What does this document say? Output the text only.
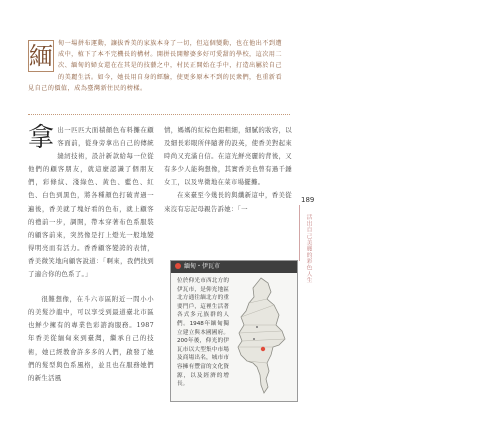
緬 甸一場拼布運動，讓拔香美的家族本身了一切，但這個變動，也在他出不到遭成中，植下了本不完機長的構材。開拼長開辦婆多好可愛甜的學校，這次用二次、緬甸的婦女還在在其是的技藝之中，村民正開始在手中，打造出屬於自己的美麗生活。如今，她長用自身的經驗，使更多原本不到的民衆們，也重新看見自己的價值，成為臺灣新住民的榜樣。

拿 出一匹匹大面積顏色布料攤在顧客面前，從身旁拿出自己的傳統縫紉技術，設計新款給每一位從他們的顧客朋友，就這麼認識了個朋友們，彩條紋、淺綠色、黃色、藍色、紅色、白色到黑色，將各種顏色打破青過一遍後，香美就了塊好看的色布，就上顧客的禮前一步，調開，帶本穿著布色系服裝的顧客前來，突然像是打上燈光一般地變得明亮而有活力。香香顧客變誇的表情，香美微笑地向顧客說道：「啊來，我們找到了適合你的色系了。」

很難想像，在斗六市區附近一間小小的美髮沙龍中，可以享受到最道臺北市區也鮮少擁有的專業色彩諮詢服務。1987 年香美從緬甸來到臺灣，繼承自己的技術，她已經教會許多多的人們，啟發了她們的髮型與色系風格，並且也在服務她們的新生活風

情，媽媽的紅棕色鋁粗細，細膩的妝容，以及細長彩眼所伴隨著的設英，使香美對起來時尚又充滿自信。在這光鮮亮麗的背後，又有多少人能夠想像，其實香美也曾有過千錘女工，以及卑微地在菜市場擺攤。

在來臺至今幾長的與纖新這中，香美從來沒有忘記母親告訴她：「一

緬甸・伊瓦市
位於仰光市西北方的伊瓦市，是仰光地區北方通往緬北方的重要門戶，這裡生活著各式多元族群的人們。1948年緬甸獨立建立與本國國府。200年後，仰光的伊瓦市以大型集中市場及商場出名，城市市容擁有豐富的文化資源，以及經濟的增長。
189
活出自己美麗的彩色人生
